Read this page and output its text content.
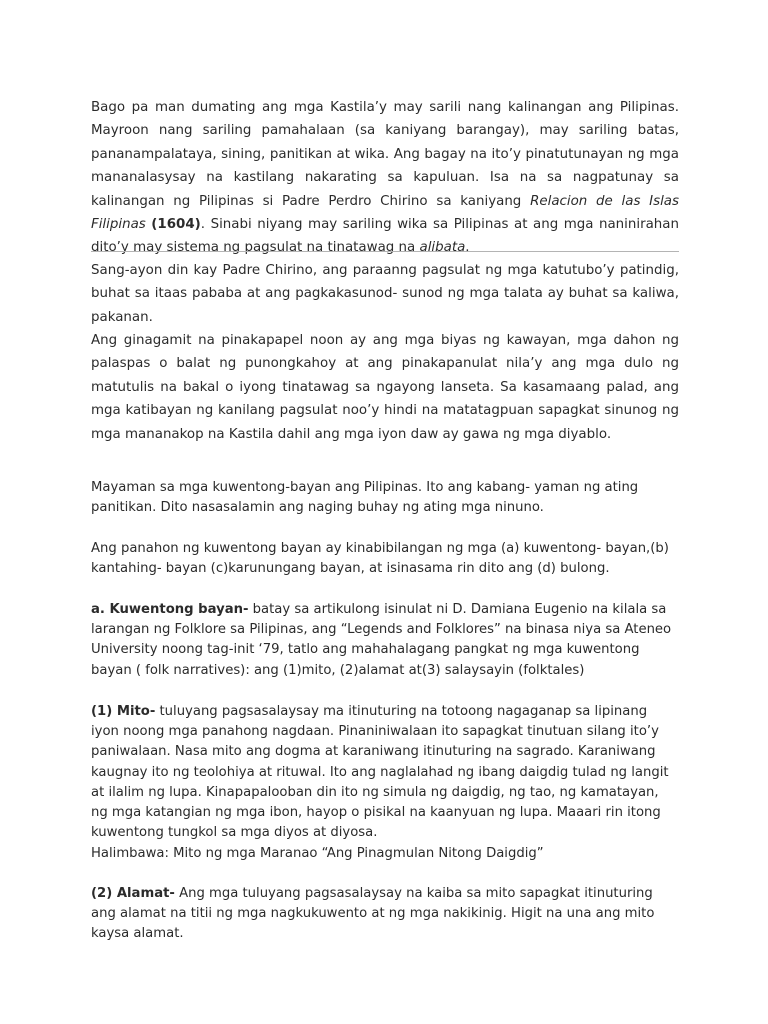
Bago pa man dumating ang mga Kastila’y may sarili nang kalinangan ang Pilipinas. Mayroon nang sariling pamahalaan (sa kaniyang barangay), may sariling batas, pananampalataya, sining, panitikan at wika. Ang bagay na ito’y pinatutunayan ng mga mananalasysay na kastilang nakarating sa kapuluan. Isa na sa nagpatunay sa kalinangan ng Pilipinas si Padre Perdro Chirino sa kaniyang Relacion de las Islas Filipinas (1604). Sinabi niyang may sariling wika sa Pilipinas at ang mga naninirahan dito’y may sistema ng pagsulat na tinatawag na alibata.

Sang-ayon din kay Padre Chirino, ang paraanng pagsulat ng mga katutubo’y patindig, buhat sa itaas pababa at ang pagkakasunod- sunod ng mga talata ay buhat sa kaliwa, pakanan.

Ang ginagamit na pinakapapel noon ay ang mga biyas ng kawayan, mga dahon ng palaspas o balat ng punongkahoy at ang pinakapanulat nila’y ang mga dulo ng matutulis na bakal o iyong tinatawag sa ngayong lanseta. Sa kasamaang palad, ang mga katibayan ng kanilang pagsulat noo’y hindi na matatagpuan sapagkat sinunog ng mga mananakop na Kastila dahil ang mga iyon daw ay gawa ng mga diyablo.

Mayaman sa mga kuwentong-bayan ang Pilipinas. Ito ang kabang- yaman ng ating panitikan. Dito nasasalamin ang naging buhay ng ating mga ninuno.

Ang panahon ng kuwentong bayan ay kinabibilangan ng mga (a) kuwentong- bayan,(b) kantahing- bayan (c)karunungang bayan, at isinasama rin dito ang (d) bulong.

a. Kuwentong bayan- batay sa artikulong isinulat ni D. Damiana Eugenio na kilala sa larangan ng Folklore sa Pilipinas, ang “Legends and Folklores” na binasa niya sa Ateneo University noong tag-init ‘79, tatlo ang mahahalagang pangkat ng mga kuwentong bayan ( folk narratives): ang (1)mito, (2)alamat at(3) salaysayin (folktales)

(1) Mito- tuluyang pagsasalaysay ma itinuturing na totoong nagaganap sa lipinang iyon noong mga panahong nagdaan. Pinaniniwalaan ito sapagkat tinutuan silang ito’y paniwalaan. Nasa mito ang dogma at karaniwang itinuturing na sagrado. Karaniwang kaugnay ito ng teolohiya at rituwal. Ito ang naglalahad ng ibang daigdig tulad ng langit at ilalim ng lupa. Kinapapalooban din ito ng simula ng daigdig, ng tao, ng kamatayan, ng mga katangian ng mga ibon, hayop o pisikal na kaanyuan ng lupa. Maaari rin itong kuwentong tungkol sa mga diyos at diyosa.

Halimbawa: Mito ng mga Maranao “Ang Pinagmulan Nitong Daigdig”

(2) Alamat- Ang mga tuluyang pagsasalaysay na kaiba sa mito sapagkat itinuturing ang alamat na titii ng mga nagkukuwento at ng mga nakikinig. Higit na una ang mito kaysa alamat.
